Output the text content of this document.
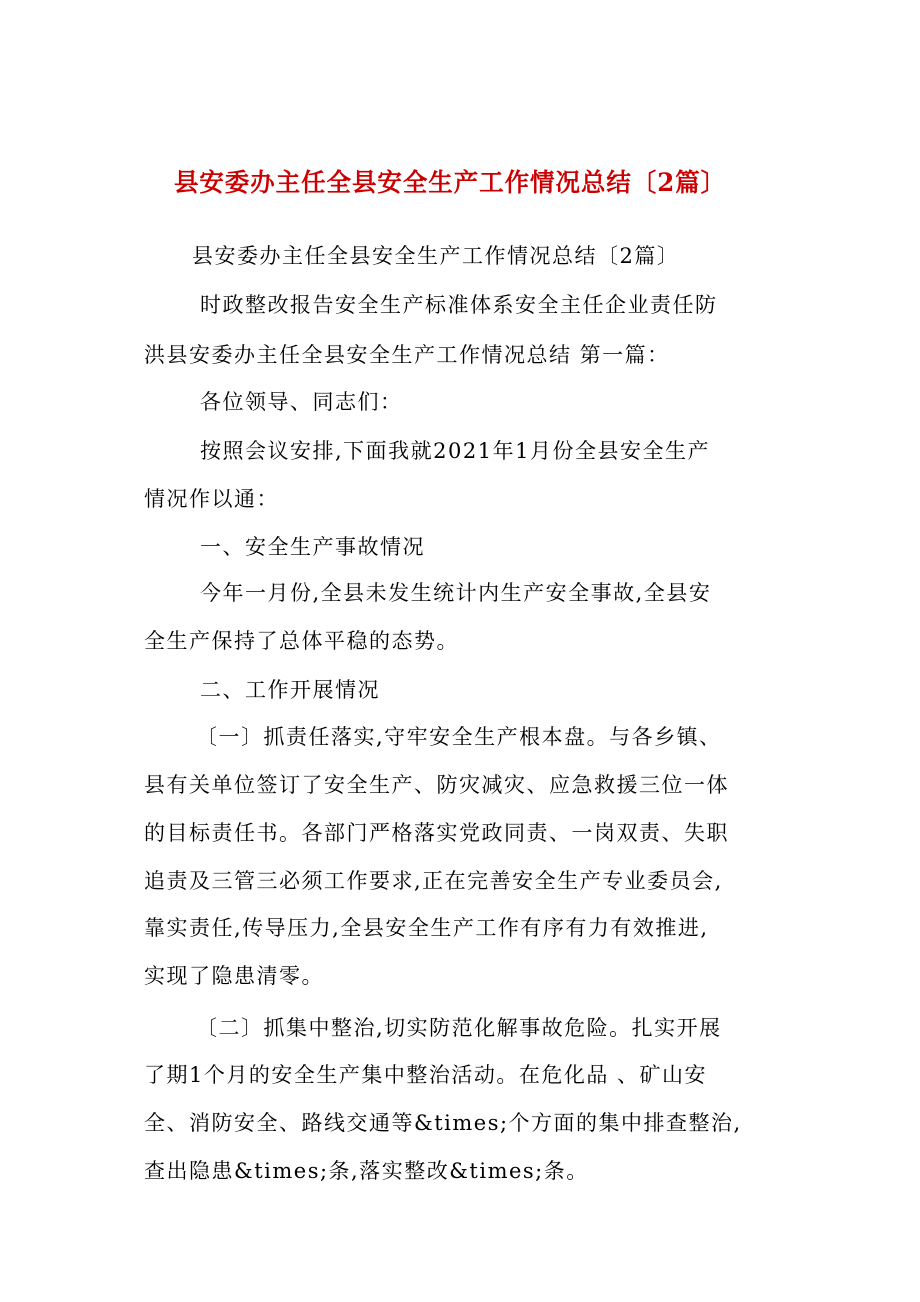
县安委办主任全县安全生产工作情况总结〔2篇〕
县安委办主任全县安全生产工作情况总结〔2篇〕
时政整改报告安全生产标准体系安全主任企业责任防
洪县安委办主任全县安全生产工作情况总结 第一篇：
各位领导、同志们：
按照会议安排,下面我就2021年1月份全县安全生产
情况作以通：
一、安全生产事故情况
今年一月份,全县未发生统计内生产安全事故,全县安
全生产保持了总体平稳的态势。
二、工作开展情况
〔一〕抓责任落实,守牢安全生产根本盘。与各乡镇、
县有关单位签订了安全生产、防灾减灾、应急救援三位一体
的目标责任书。各部门严格落实党政同责、一岗双责、失职
追责及三管三必须工作要求,正在完善安全生产专业委员会,
靠实责任,传导压力,全县安全生产工作有序有力有效推进,
实现了隐患清零。
〔二〕抓集中整治,切实防范化解事故危险。扎实开展
了期1个月的安全生产集中整治活动。在危化品 、矿山安
全、消防安全、路线交通等&times;个方面的集中排查整治,
查出隐患&times;条,落实整改&times;条。
